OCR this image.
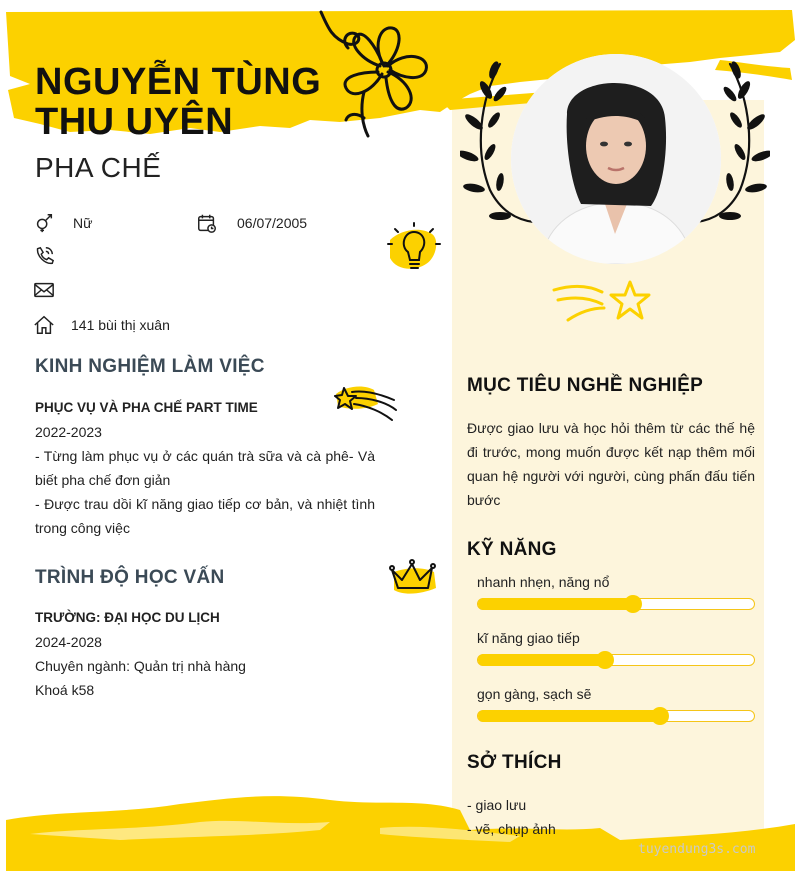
NGUYỄN TÙNG
THU UYÊN
PHA CHẾ
Nữ	06/07/2005
141 bùi thị xuân
KINH NGHIỆM LÀM VIỆC
PHỤC VỤ VÀ PHA CHẾ PART TIME
2022-2023
- Từng làm phục vụ ở các quán trà sữa và cà phê- Và biết pha chế đơn giản
- Được trau dồi kĩ năng giao tiếp cơ bản, và nhiệt tình trong công việc
TRÌNH ĐỘ HỌC VẤN
TRƯỜNG: ĐẠI HỌC DU LỊCH
2024-2028
Chuyên ngành: Quản trị nhà hàng
Khoá k58
MỤC TIÊU NGHỀ NGHIỆP
Được giao lưu và học hỏi thêm từ các thế hệ đi trước, mong muốn được kết nạp thêm mối quan hệ người với người, cùng phấn đấu tiến bước
KỸ NĂNG
nhanh nhẹn, năng nổ
kĩ năng giao tiếp
gọn gàng, sạch sẽ
SỞ THÍCH
- giao lưu
- vẽ, chụp ảnh
tuyendung3s.com
